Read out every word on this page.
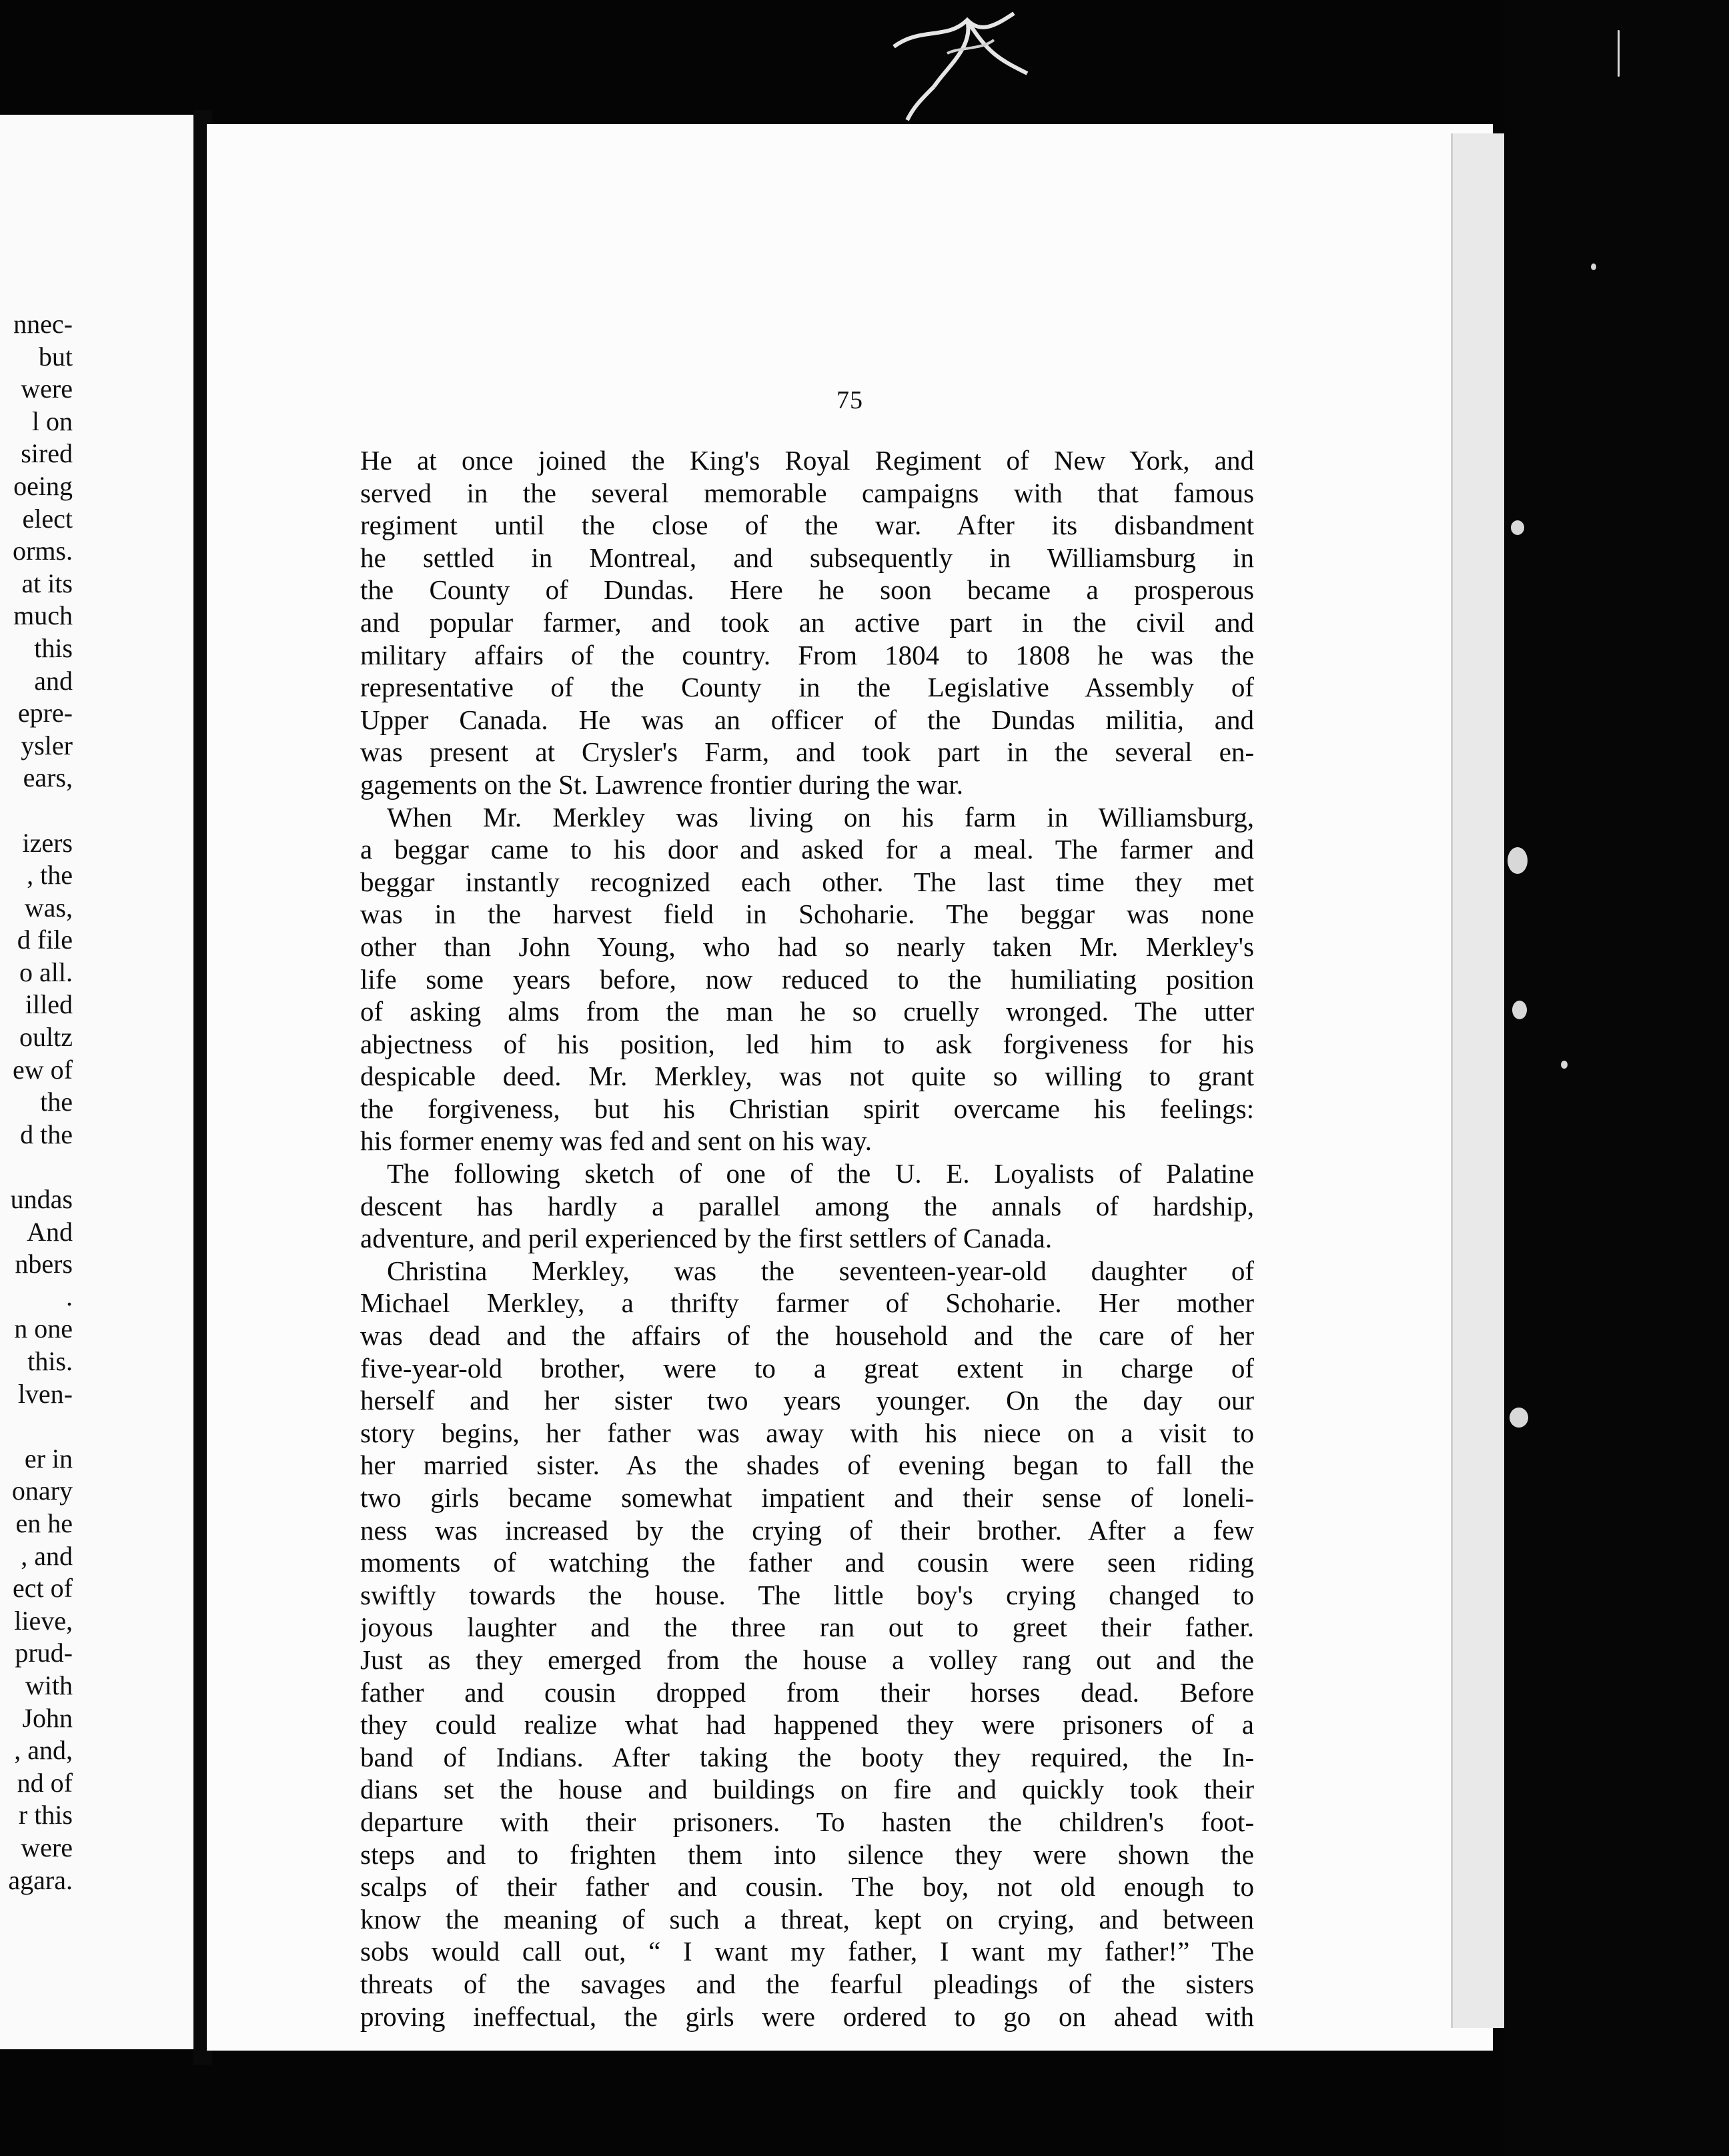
nnec-
but
were
l on
sired
oeing
elect
orms.
at its
much
this
and
epre-
ysler
ears,
izers
, the
was,
d file
o all.
illed
oultz
ew of
the
d the
undas
And
nbers
.
n one
this.
lven-
er in
onary
en he
, and
ect of
lieve,
prud-
with
John
, and,
nd of
r this
were
agara.
75
He at once joined the King's Royal Regiment of New York, and
served in the several memorable campaigns with that famous
regiment until the close of the war. After its disbandment
he settled in Montreal, and subsequently in Williamsburg in
the County of Dundas. Here he soon became a prosperous
and popular farmer, and took an active part in the civil and
military affairs of the country. From 1804 to 1808 he was the
representative of the County in the Legislative Assembly of
Upper Canada. He was an officer of the Dundas militia, and
was present at Crysler's Farm, and took part in the several en-
gagements on the St. Lawrence frontier during the war.
When Mr. Merkley was living on his farm in Williamsburg,
a beggar came to his door and asked for a meal. The farmer and
beggar instantly recognized each other. The last time they met
was in the harvest field in Schoharie. The beggar was none
other than John Young, who had so nearly taken Mr. Merkley's
life some years before, now reduced to the humiliating position
of asking alms from the man he so cruelly wronged. The utter
abjectness of his position, led him to ask forgiveness for his
despicable deed. Mr. Merkley, was not quite so willing to grant
the forgiveness, but his Christian spirit overcame his feelings:
his former enemy was fed and sent on his way.
The following sketch of one of the U. E. Loyalists of Palatine
descent has hardly a parallel among the annals of hardship,
adventure, and peril experienced by the first settlers of Canada.
Christina Merkley, was the seventeen-year-old daughter of
Michael Merkley, a thrifty farmer of Schoharie. Her mother
was dead and the affairs of the household and the care of her
five-year-old brother, were to a great extent in charge of
herself and her sister two years younger. On the day our
story begins, her father was away with his niece on a visit to
her married sister. As the shades of evening began to fall the
two girls became somewhat impatient and their sense of loneli-
ness was increased by the crying of their brother. After a few
moments of watching the father and cousin were seen riding
swiftly towards the house. The little boy's crying changed to
joyous laughter and the three ran out to greet their father.
Just as they emerged from the house a volley rang out and the
father and cousin dropped from their horses dead. Before
they could realize what had happened they were prisoners of a
band of Indians. After taking the booty they required, the In-
dians set the house and buildings on fire and quickly took their
departure with their prisoners. To hasten the children's foot-
steps and to frighten them into silence they were shown the
scalps of their father and cousin. The boy, not old enough to
know the meaning of such a threat, kept on crying, and between
sobs would call out, “ I want my father, I want my father!” The
threats of the savages and the fearful pleadings of the sisters
proving ineffectual, the girls were ordered to go on ahead with
